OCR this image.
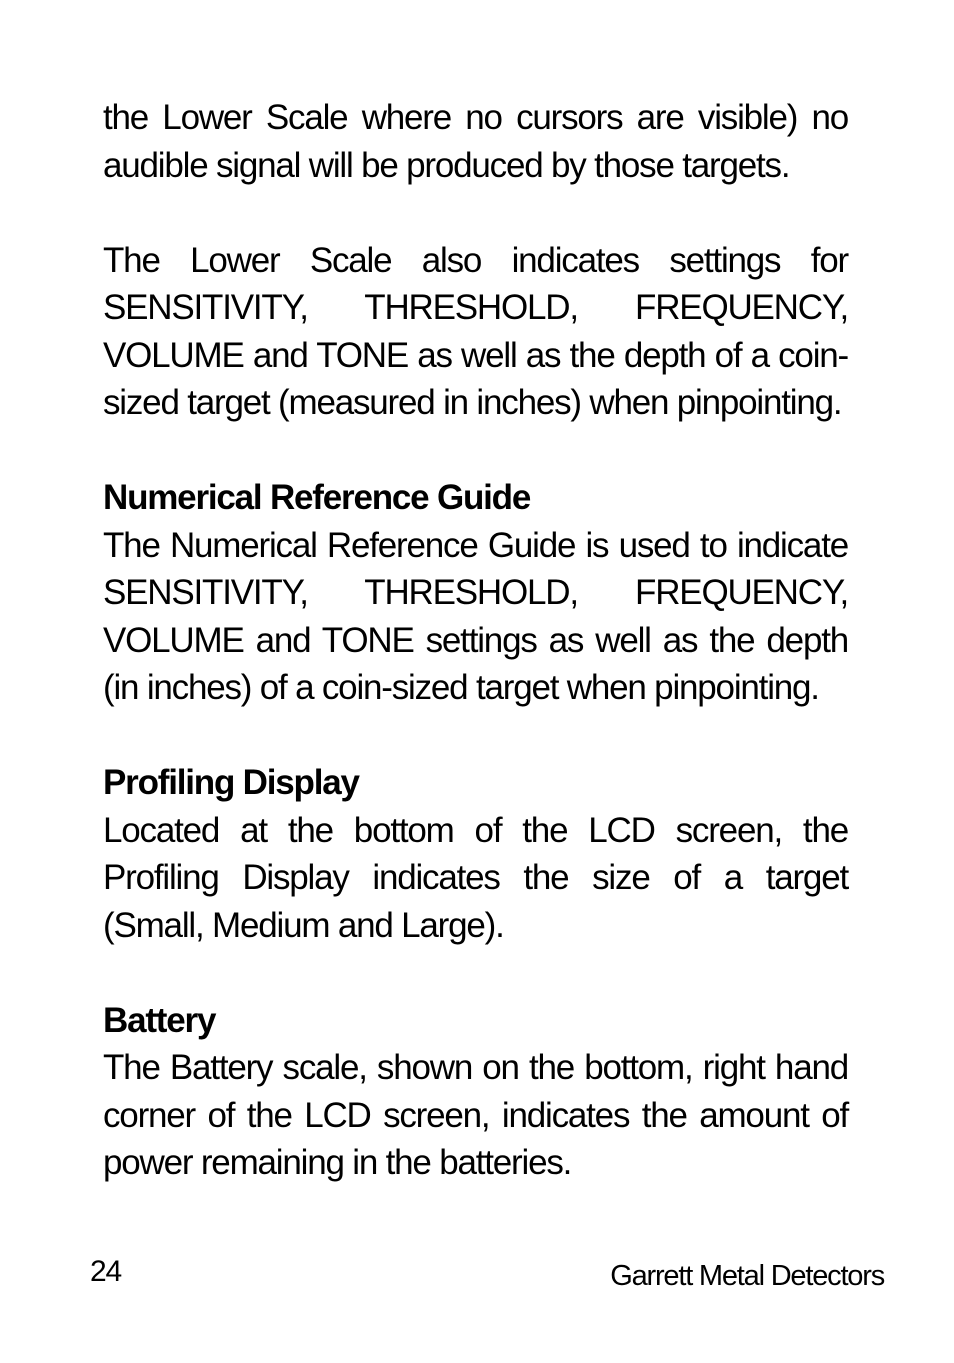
the Lower Scale where no cursors are visible) no audible signal will be produced by those targets.

The Lower Scale also indicates settings for SENSITIVITY, THRESHOLD, FREQUENCY, VOLUME and TONE as well as the depth of a coin-sized target (measured in inches) when pinpointing.

Numerical Reference Guide

The Numerical Reference Guide is used to indicate SENSITIVITY, THRESHOLD, FREQUENCY, VOLUME and TONE settings as well as the depth (in inches) of a coin-sized target when pinpointing.

Profiling Display

Located at the bottom of the LCD screen, the Profiling Display indicates the size of a target (Small, Medium and Large).

Battery

The Battery scale, shown on the bottom, right hand corner of the LCD screen, indicates the amount of power remaining in the batteries.

24	Garrett Metal Detectors
